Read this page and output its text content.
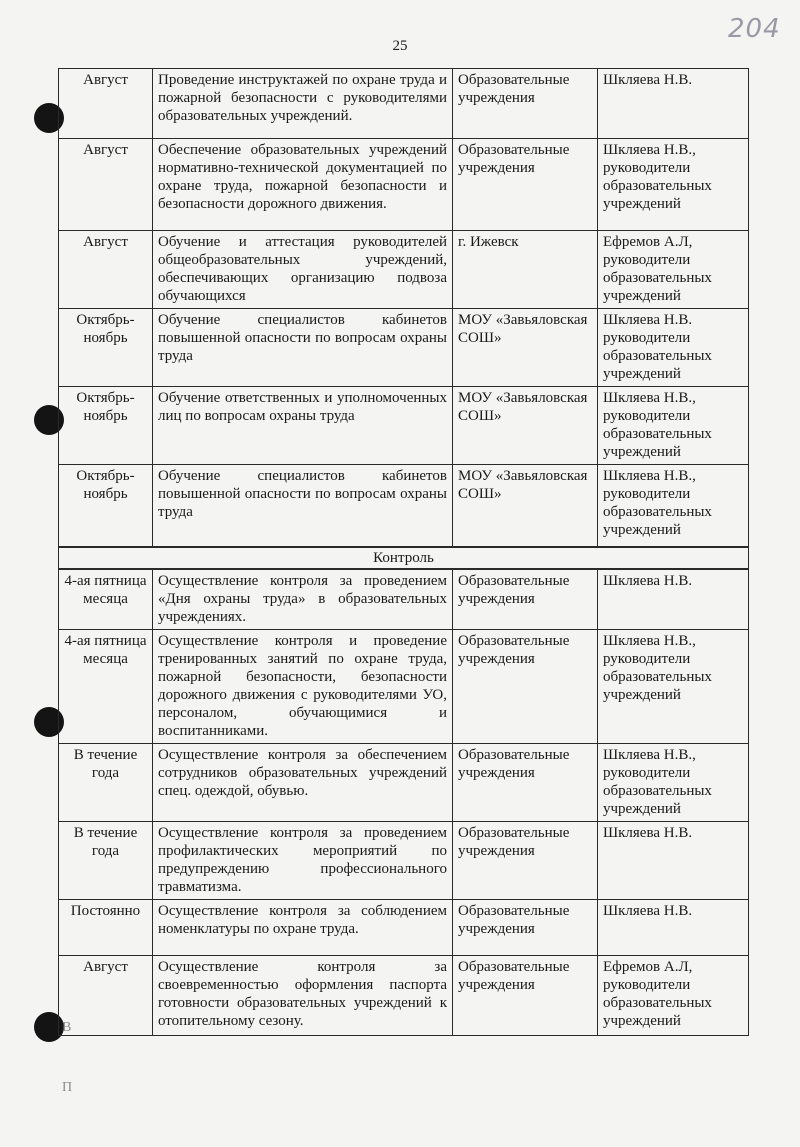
25
204
В
П
Август	Проведение инструктажей по охране труда и пожарной безопасности с руководителями образовательных учреждений.	Образовательные учреждения	Шкляева Н.В.
Август	Обеспечение образовательных учреждений нормативно-технической документацией по охране труда, пожарной безопасности и безопасности дорожного движения.	Образовательные учреждения	Шкляева Н.В., руководители образовательных учреждений
Август	Обучение и аттестация руководителей общеобразовательных учреждений, обеспечивающих организацию подвоза обучающихся	г. Ижевск	Ефремов А.Л, руководители образовательных учреждений
Октябрь-ноябрь	Обучение специалистов кабинетов повышенной опасности по вопросам охраны труда	МОУ «Завьяловская СОШ»	Шкляева Н.В. руководители образовательных учреждений
Октябрь-ноябрь	Обучение ответственных и уполномоченных лиц по вопросам охраны труда	МОУ «Завьяловская СОШ»	Шкляева Н.В., руководители образовательных учреждений
Октябрь-ноябрь	Обучение специалистов кабинетов повышенной опасности по вопросам охраны труда	МОУ «Завьяловская СОШ»	Шкляева Н.В., руководители образовательных учреждений
Контроль			
4-ая пятница месяца	Осуществление контроля за проведением «Дня охраны труда» в образовательных учреждениях.	Образовательные учреждения	Шкляева Н.В.
4-ая пятница месяца	Осуществление контроля и проведение тренированных занятий по охране труда, пожарной безопасности, безопасности дорожного движения с руководителями УО, персоналом, обучающимися и воспитанниками.	Образовательные учреждения	Шкляева Н.В., руководители образовательных учреждений
В течение года	Осуществление контроля за обеспечением сотрудников образовательных учреждений спец. одеждой, обувью.	Образовательные учреждения	Шкляева Н.В., руководители образовательных учреждений
В течение года	Осуществление контроля за проведением профилактических мероприятий по предупреждению профессионального травматизма.	Образовательные учреждения	Шкляева Н.В.
Постоянно	Осуществление контроля за соблюдением номенклатуры по охране труда.	Образовательные учреждения	Шкляева Н.В.
Август	Осуществление контроля за своевременностью оформления паспорта готовности образовательных учреждений к отопительному сезону.	Образовательные учреждения	Ефремов А.Л, руководители образовательных учреждений
